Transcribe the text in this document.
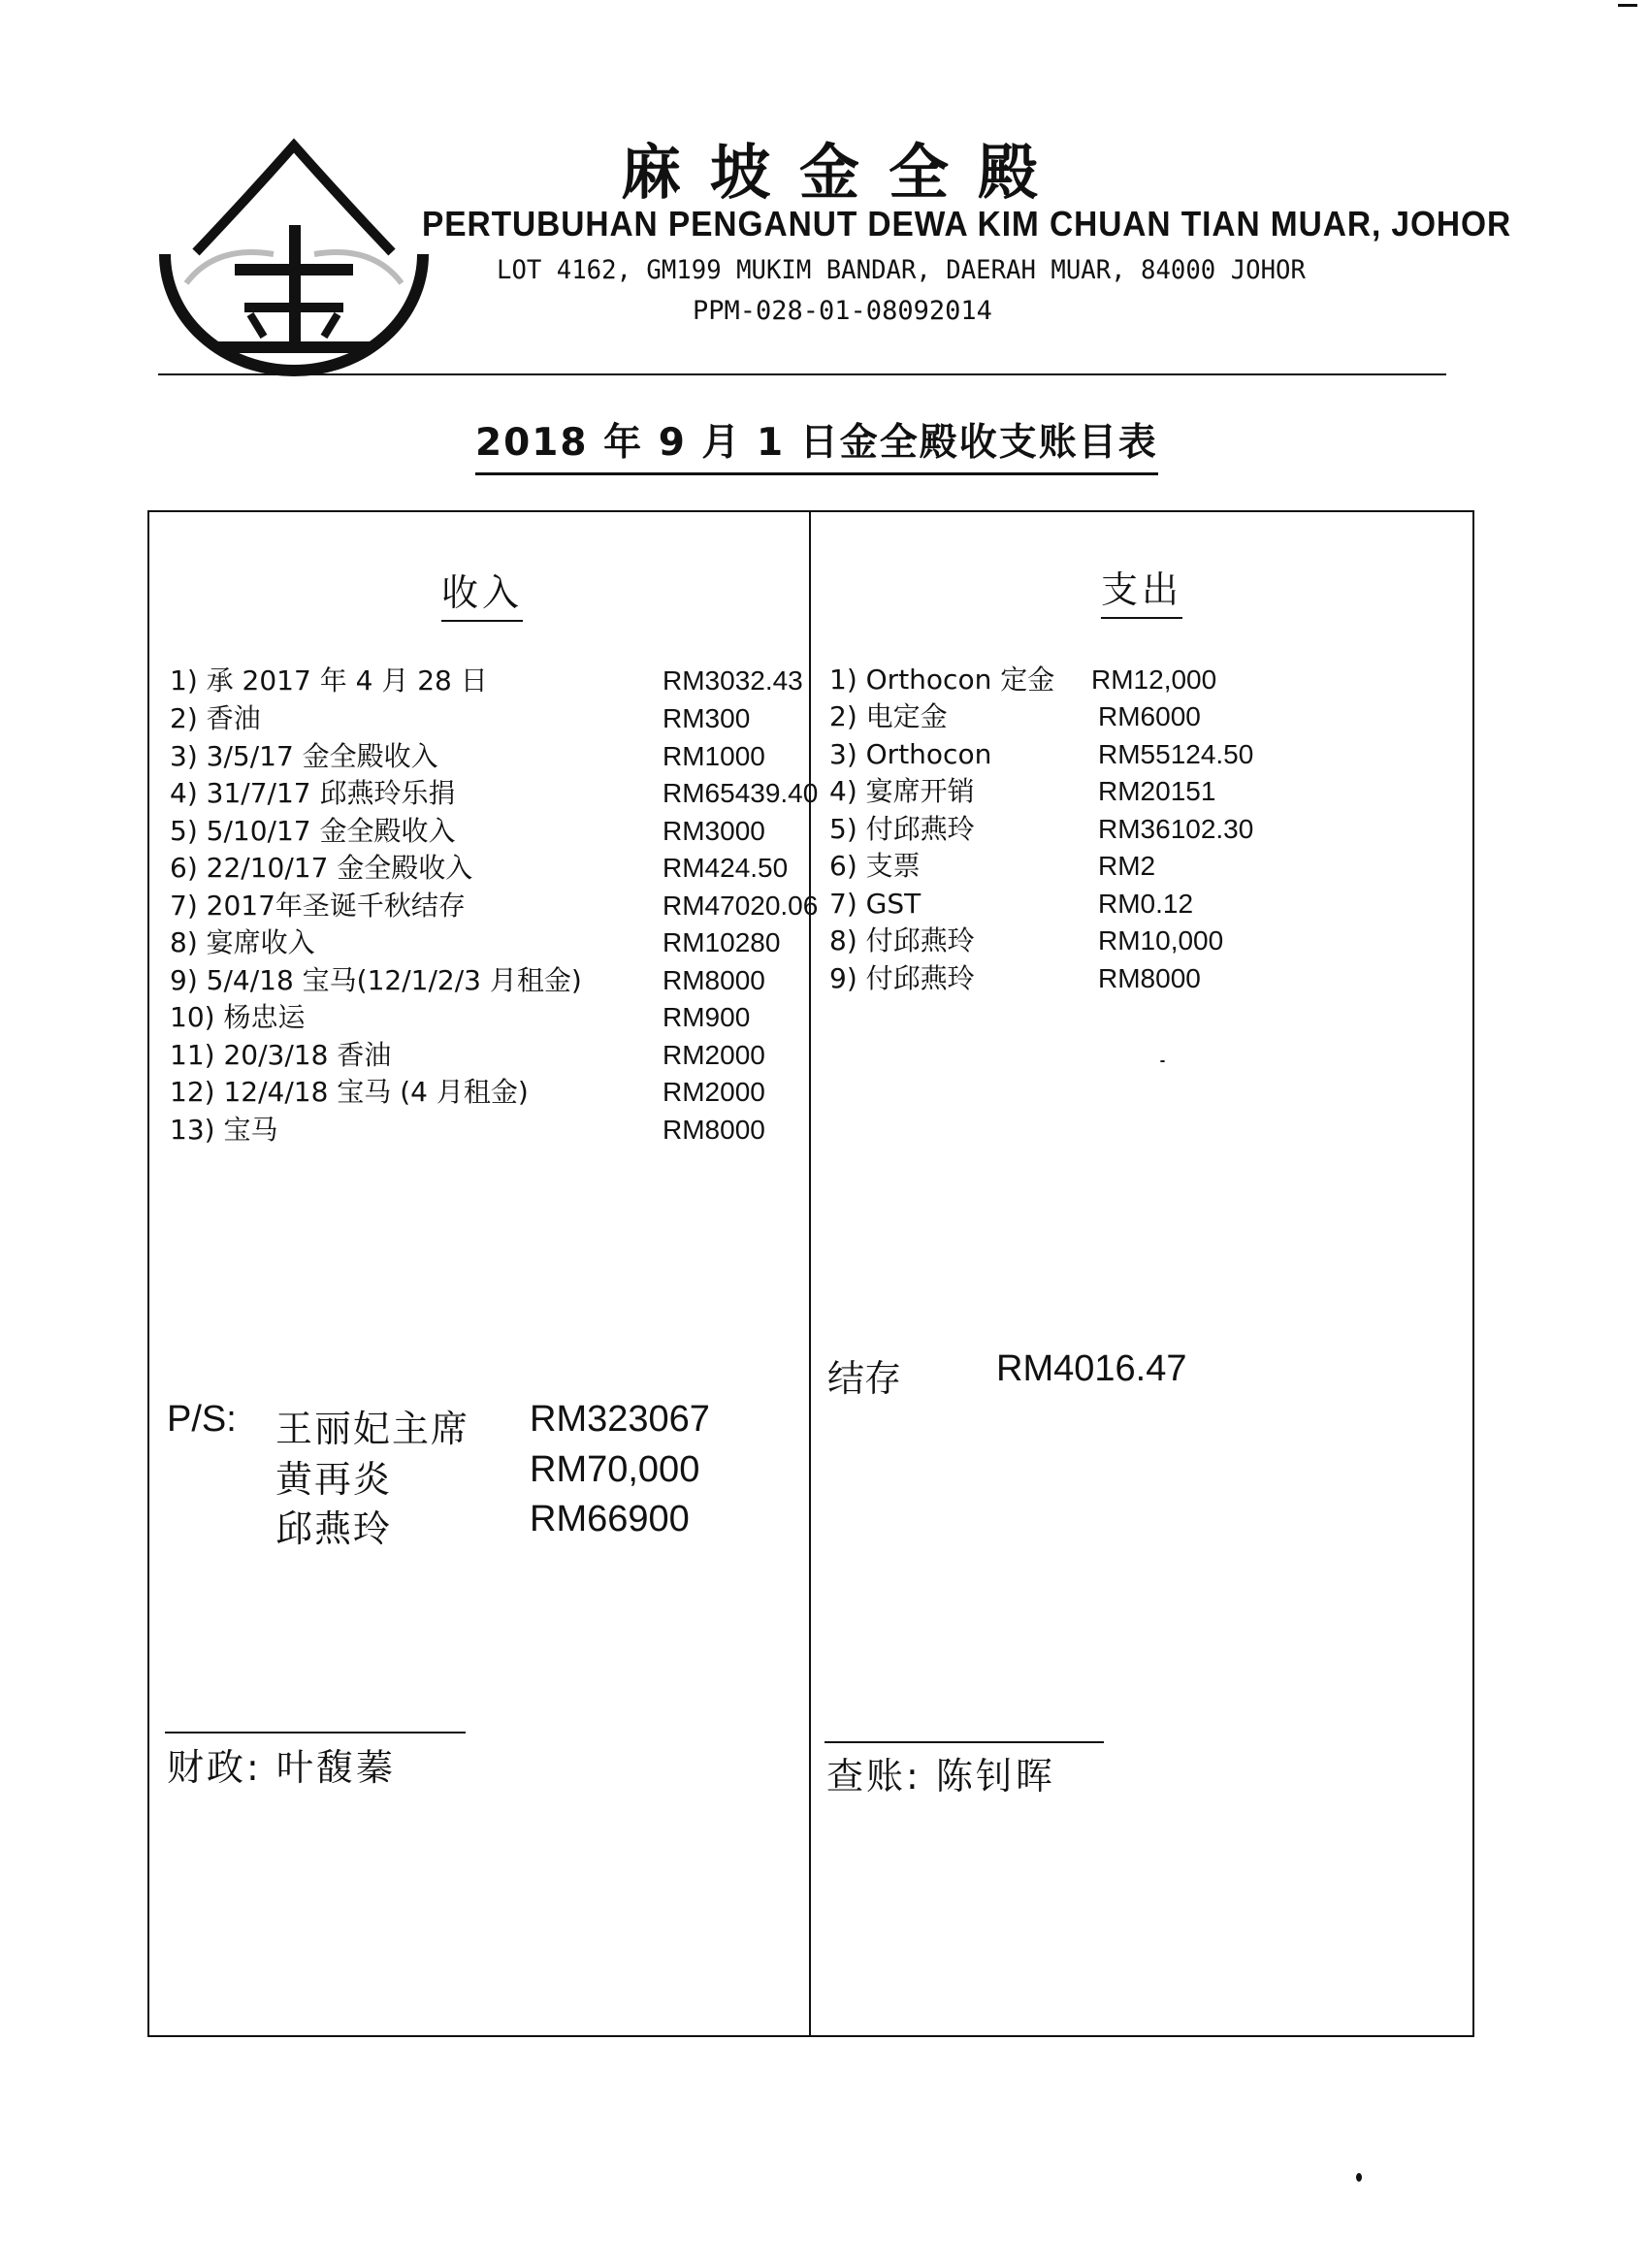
麻坡金全殿
PERTUBUHAN PENGANUT DEWA KIM CHUAN TIAN MUAR, JOHOR
LOT 4162, GM199 MUKIM BANDAR, DAERAH MUAR, 84000 JOHOR
PPM-028-01-08092014
2018 年 9 月 1 日金全殿收支账目表
收入	支出
1) 承 2017 年 4 月 28 日	RM3032.43
2) 香油	RM300
3) 3/5/17 金全殿收入	RM1000
4) 31/7/17 邱燕玲乐捐	RM65439.40
5) 5/10/17 金全殿收入	RM3000
6) 22/10/17 金全殿收入	RM424.50
7) 2017年圣诞千秋结存	RM47020.06
8) 宴席收入	RM10280
9) 5/4/18 宝马(12/1/2/3 月租金)	RM8000
10) 杨忠运	RM900
11) 20/3/18 香油	RM2000
12) 12/4/18 宝马 (4 月租金)	RM2000
13) 宝马	RM8000
1) Orthocon 定金 RM12,000
2) 电定金	RM6000
3) Orthocon	RM55124.50
4) 宴席开销	RM20151
5) 付邱燕玲	RM36102.30
6) 支票	RM2
7) GST	RM0.12
8) 付邱燕玲	RM10,000
9) 付邱燕玲	RM8000
结存	RM4016.47
P/S: 王丽妃主席 RM323067
黄再炎	RM70,000
邱燕玲	RM66900
财政: 叶馥蓁	查账: 陈钊晖
